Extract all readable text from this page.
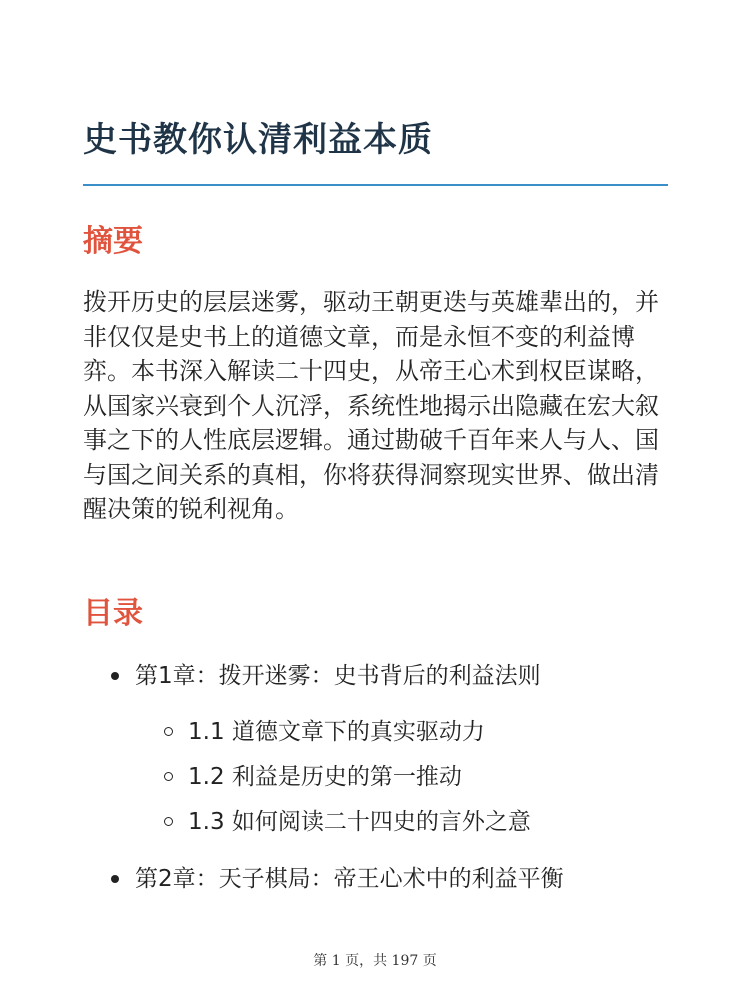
史书教你认清利益本质
摘要

拨开历史的层层迷雾，驱动王朝更迭与英雄辈出的，并非仅仅是史书上的道德文章，而是永恒不变的利益博弈。本书深入解读二十四史，从帝王心术到权臣谋略，从国家兴衰到个人沉浮，系统性地揭示出隐藏在宏大叙事之下的人性底层逻辑。通过勘破千百年来人与人、国与国之间关系的真相，你将获得洞察现实世界、做出清醒决策的锐利视角。

目录
第1章：拨开迷雾：史书背后的利益法则
1.1 道德文章下的真实驱动力
1.2 利益是历史的第一推动
1.3 如何阅读二十四史的言外之意
第2章：天子棋局：帝王心术中的利益平衡
第 1 页，共 197 页
